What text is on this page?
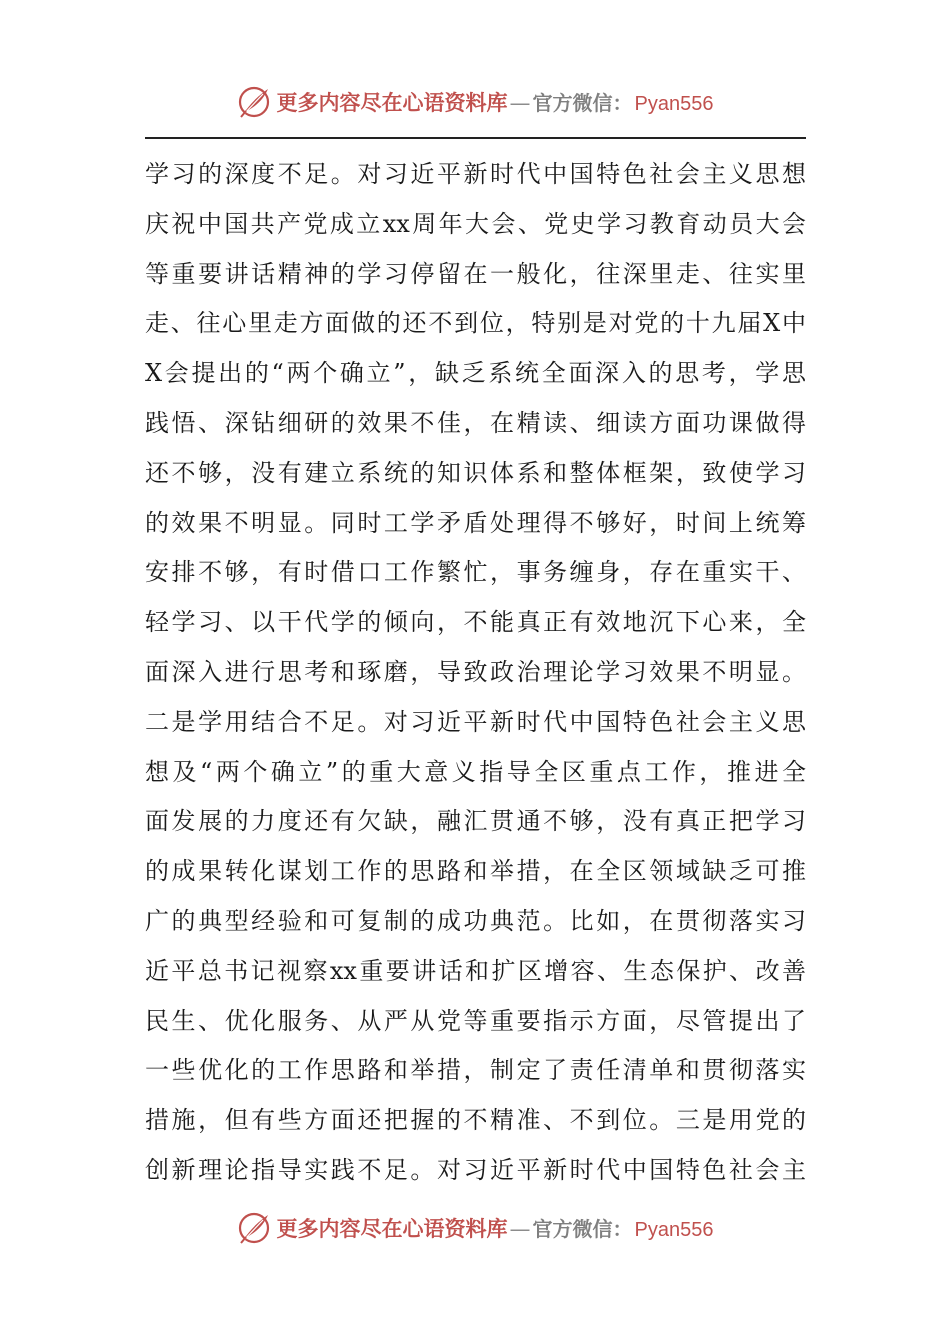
更多内容尽在心语资料库 — 官方微信： Pyan556
学习的深度不足。对习近平新时代中国特色社会主义思想
庆祝中国共产党成立xx周年大会、党史学习教育动员大会
等重要讲话精神的学习停留在一般化，往深里走、往实里
走、往心里走方面做的还不到位，特别是对党的十九届X中
X会提出的“两个确立”，缺乏系统全面深入的思考，学思
践悟、深钻细研的效果不佳，在精读、细读方面功课做得
还不够，没有建立系统的知识体系和整体框架，致使学习
的效果不明显。同时工学矛盾处理得不够好，时间上统筹
安排不够，有时借口工作繁忙，事务缠身，存在重实干、
轻学习、以干代学的倾向，不能真正有效地沉下心来，全
面深入进行思考和琢磨，导致政治理论学习效果不明显。
二是学用结合不足。对习近平新时代中国特色社会主义思
想及“两个确立”的重大意义指导全区重点工作，推进全
面发展的力度还有欠缺，融汇贯通不够，没有真正把学习
的成果转化谋划工作的思路和举措，在全区领域缺乏可推
广的典型经验和可复制的成功典范。比如，在贯彻落实习
近平总书记视察xx重要讲话和扩区增容、生态保护、改善
民生、优化服务、从严从党等重要指示方面，尽管提出了
一些优化的工作思路和举措，制定了责任清单和贯彻落实
措施，但有些方面还把握的不精准、不到位。三是用党的
创新理论指导实践不足。对习近平新时代中国特色社会主
更多内容尽在心语资料库 — 官方微信： Pyan556
